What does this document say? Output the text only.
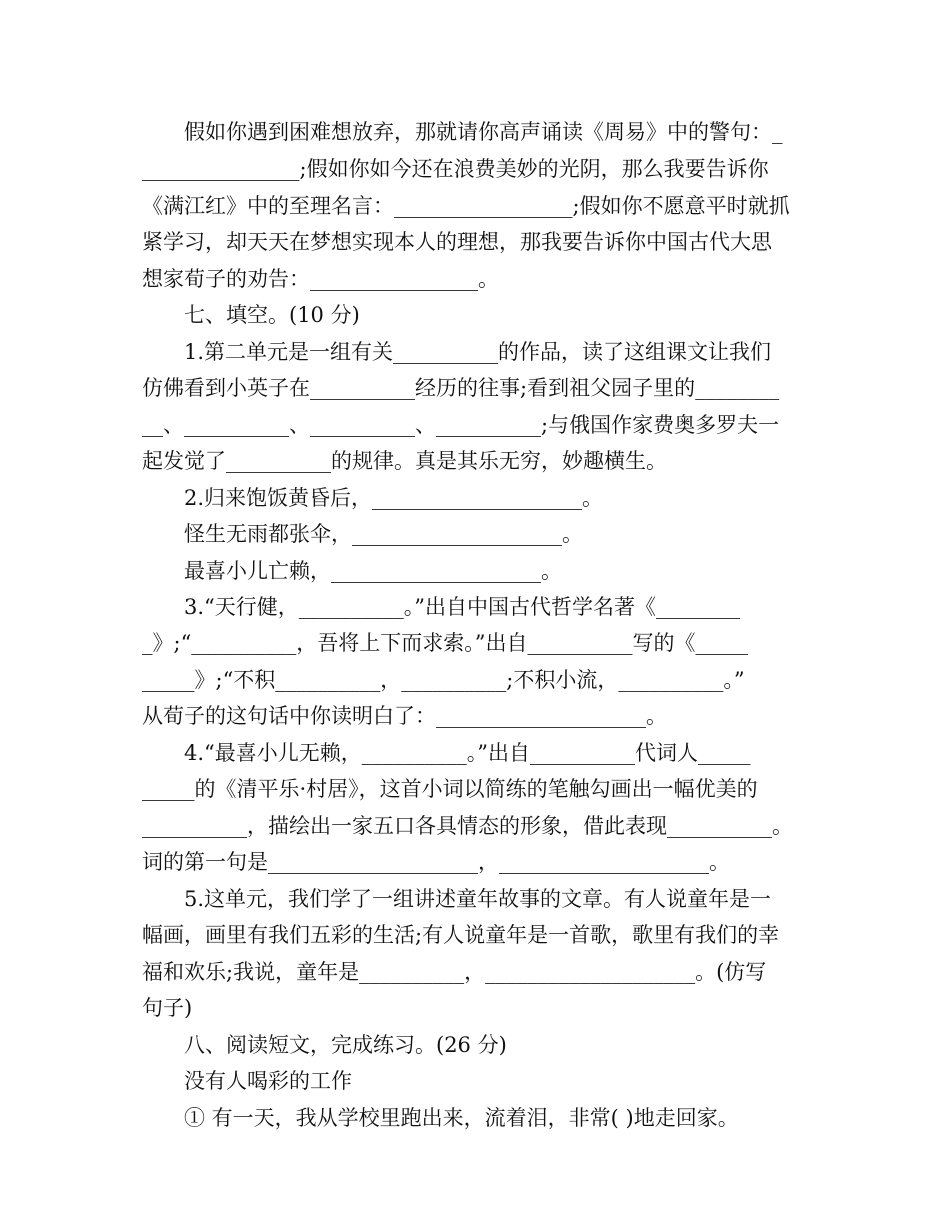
假如你遇到困难想放弃，那就请你高声诵读《周易》中的警句：_
_______________;假如你如今还在浪费美妙的光阴，那么我要告诉你
《满江红》中的至理名言：_________________;假如你不愿意平时就抓
紧学习，却天天在梦想实现本人的理想，那我要告诉你中国古代大思
想家荀子的劝告：________________。
七、填空。(10 分)
1.第二单元是一组有关__________的作品，读了这组课文让我们
仿佛看到小英子在__________经历的往事;看到祖父园子里的________
__、__________、__________、__________;与俄国作家费奥多罗夫一
起发觉了__________的规律。真是其乐无穷，妙趣横生。
2.归来饱饭黄昏后，____________________。
怪生无雨都张伞，____________________。
最喜小儿亡赖，____________________。
3.“天行健，__________。”出自中国古代哲学名著《________
_》;“__________，吾将上下而求索。”出自__________写的《_____
_____》;“不积__________，__________;不积小流，__________。”
从荀子的这句话中你读明白了：____________________。
4.“最喜小儿无赖，__________。”出自__________代词人_____
_____的《清平乐·村居》，这首小词以简练的笔触勾画出一幅优美的
__________，描绘出一家五口各具情态的形象，借此表现__________。
词的第一句是____________________，____________________。
5.这单元，我们学了一组讲述童年故事的文章。有人说童年是一
幅画，画里有我们五彩的生活;有人说童年是一首歌，歌里有我们的幸
福和欢乐;我说，童年是__________，____________________。(仿写
句子)
八、阅读短文，完成练习。(26 分)
没有人喝彩的工作
① 有一天，我从学校里跑出来，流着泪，非常( )地走回家。
